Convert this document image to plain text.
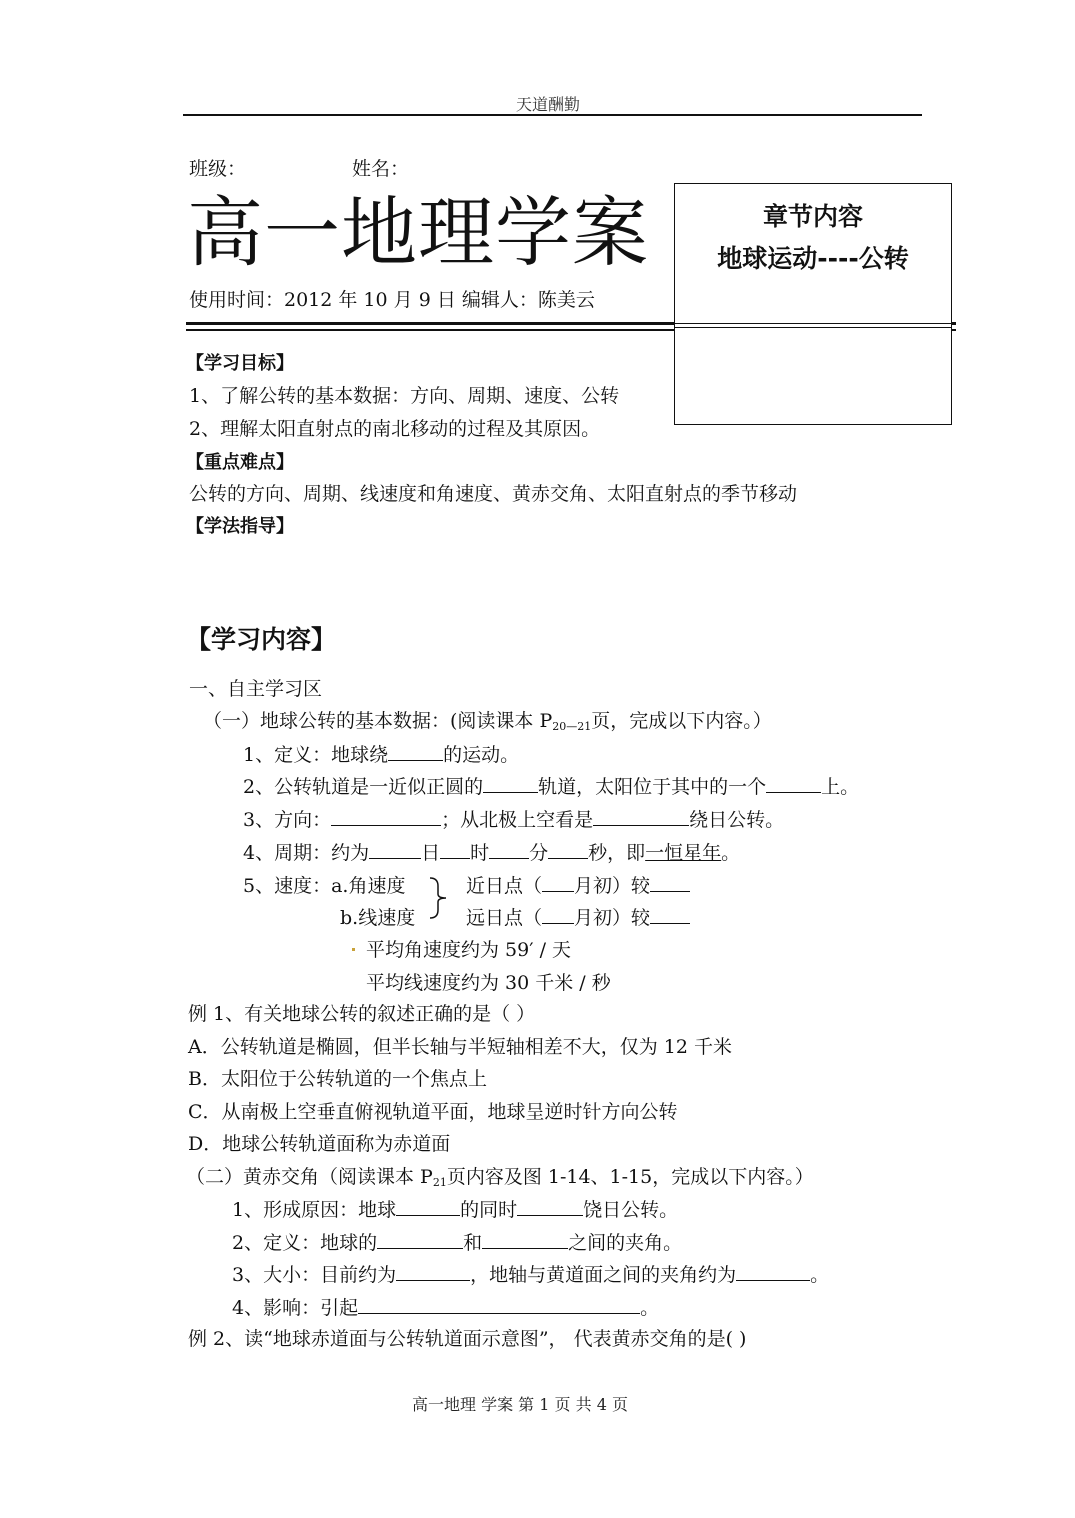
天道酬勤
班级：	姓名：
高一地理学案
使用时间：2012 年 10 月 9 日 编辑人：陈美云
章节内容
地球运动----公转
【学习目标】
1、了解公转的基本数据：方向、周期、速度、公转
2、理解太阳直射点的南北移动的过程及其原因。
【重点难点】
公转的方向、周期、线速度和角速度、黄赤交角、太阳直射点的季节移动
【学法指导】
【学习内容】
一、自主学习区
（一）地球公转的基本数据：(阅读课本 $P_{20—21}$页，完成以下内容。）
1、定义：地球绕	的运动。
2、公转轨道是一近似正圆的	轨道，太阳位于其中的一个	上。
3、方向：	；从北极上空看是	绕日公转。
4、周期：约为	日 时 分 秒，即一恒星年。
5、速度：a.角速度
b.线速度
近日点（ 月初）较
远日点（ 月初）较
平均角速度约为 59′ / 天
平均线速度约为 30 千米 / 秒
例 1、有关地球公转的叙述正确的是（ ）
A．公转轨道是椭圆，但半长轴与半短轴相差不大，仅为 12 千米
B．太阳位于公转轨道的一个焦点上
C．从南极上空垂直俯视轨道平面，地球呈逆时针方向公转
D．地球公转轨道面称为赤道面
（二）黄赤交角（阅读课本 $P_{21}$页内容及图 1-14、1-15，完成以下内容。）
1、形成原因：地球	的同时	饶日公转。
2、定义：地球的	和	之间的夹角。
3、大小：目前约为	，地轴与黄道面之间的夹角约为	。
4、影响：引起	。
例 2、读“地球赤道面与公转轨道面示意图”， 代表黄赤交角的是( )
高一地理 学案 第 1 页 共 4 页
